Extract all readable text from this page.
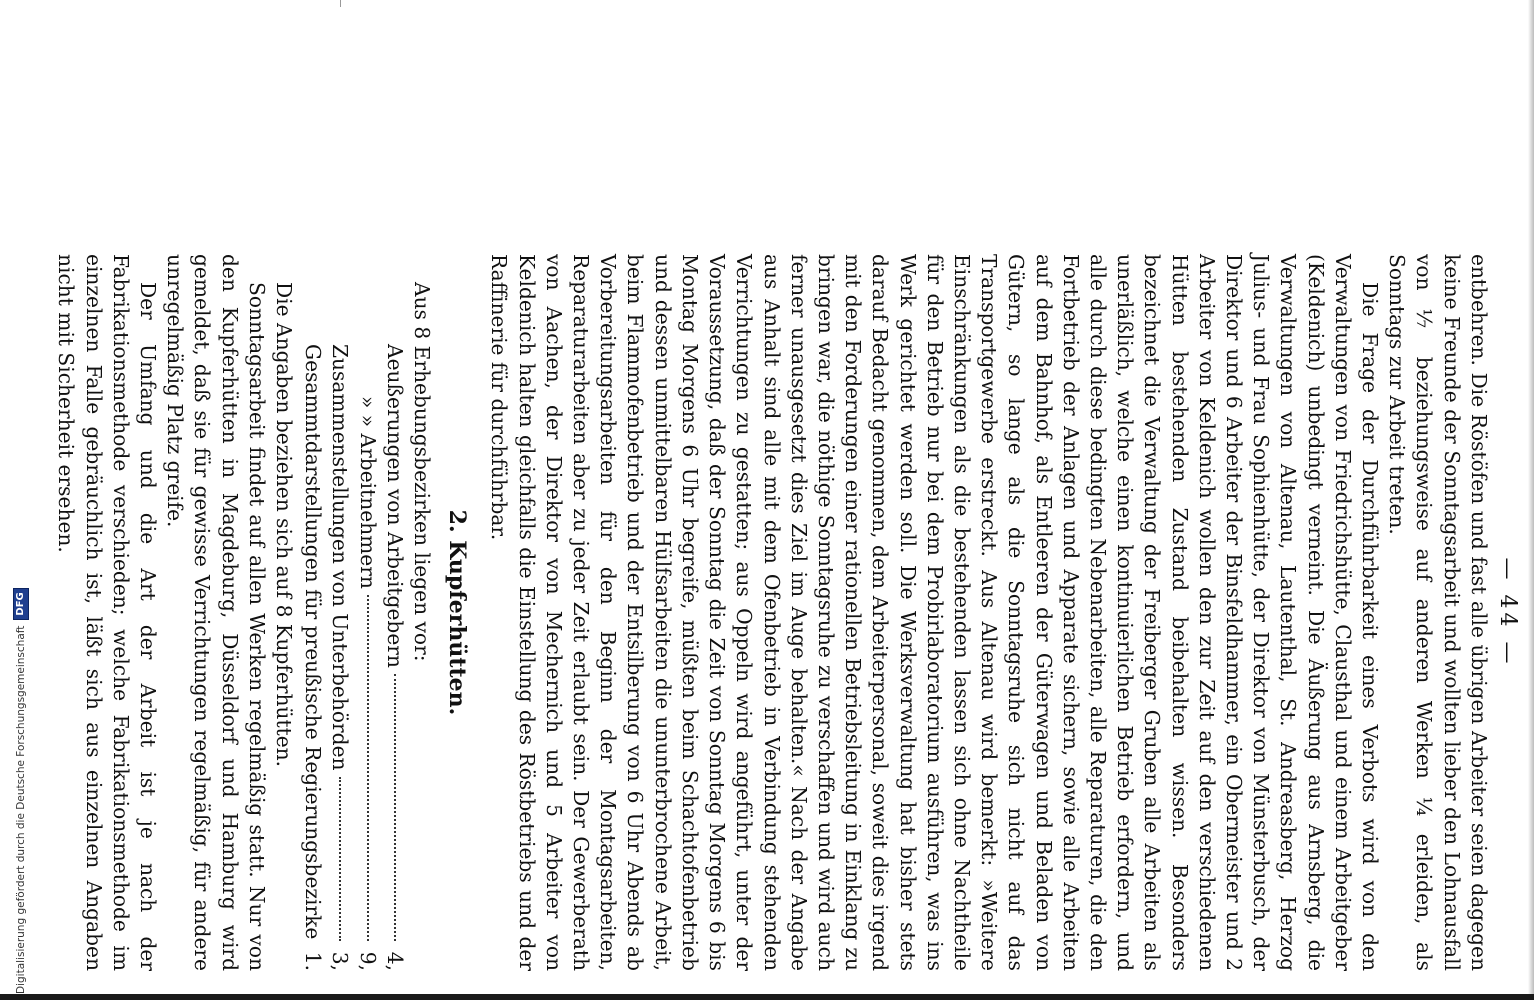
Digitalisierung gefördert durch die Deutsche Forschungsgemeinschaft
DFG	— 44 —

entbehren. Die Röstöfen und fast alle übrigen Arbeiter seien dagegen keine Freunde der Sonntagsarbeit und wollten lieber den Lohnausfall von ⅐ beziehungsweise auf anderen Werken ¼ erleiden, als Sonntags zur Arbeit treten.

Die Frage der Durchführbarkeit eines Verbots wird von den Verwaltungen von Friedrichshütte, Clausthal und einem Arbeitgeber (Keldenich) unbedingt verneint. Die Äußerung aus Arnsberg, die Verwaltungen von Altenau, Lautenthal, St. Andreasberg, Herzog Julius- und Frau Sophienhütte, der Direktor von Münsterbusch, der Direktor und 6 Arbeiter der Binsfeldhammer, ein Obermeister und 2 Arbeiter von Keldenich wollen den zur Zeit auf den verschiedenen Hütten bestehenden Zustand beibehalten wissen. Besonders bezeichnet die Verwaltung der Freiberger Gruben alle Arbeiten als unerläßlich, welche einen kontinuierlichen Betrieb erfordern, und alle durch diese bedingten Nebenarbeiten, alle Reparaturen, die den Fortbetrieb der Anlagen und Apparate sichern, sowie alle Arbeiten auf dem Bahnhof, als Entleeren der Güterwagen und Beladen von Gütern, so lange als die Sonntagsruhe sich nicht auf das Transportgewerbe erstreckt. Aus Altenau wird bemerkt: »Weitere Einschränkungen als die bestehenden lassen sich ohne Nachtheile für den Betrieb nur bei dem Probirlaboratorium ausführen, was ins Werk gerichtet werden soll. Die Werksverwaltung hat bisher stets darauf Bedacht genommen, dem Arbeiterpersonal, soweit dies irgend mit den Forderungen einer rationellen Betriebsleitung in Einklang zu bringen war, die nöthige Sonntagsruhe zu verschaffen und wird auch ferner unausgesetzt dies Ziel im Auge behalten.« Nach der Angabe aus Anhalt sind alle mit dem Ofenbetrieb in Verbindung stehenden Verrichtungen zu gestatten; aus Oppeln wird angeführt, unter der Voraussetzung, daß der Sonntag die Zeit von Sonntag Morgens 6 bis Montag Morgens 6 Uhr begreife, müßten beim Schachtofenbetrieb und dessen unmittelbaren Hülfsarbeiten die ununterbrochene Arbeit, beim Flammofenbetrieb und der Entsilberung von 6 Uhr Abends ab Vorbereitungsarbeiten für den Beginn der Montagsarbeiten, Reparaturarbeiten aber zu jeder Zeit erlaubt sein. Der Gewerberath von Aachen, der Direktor von Mechernich und 5 Arbeiter von Keldenich halten gleichfalls die Einstellung des Röstbetriebs und der Raffinerie für durchführbar.

2. Kupferhütten.

Aus 8 Erhebungsbezirken liegen vor:

Aeußerungen von Arbeitgebern
4,
» » Arbeitnehmern
9,
Zusammenstellungen von Unterbehörden
3,
Gesammtdarstellungen für preußische Regierungsbezirke
1.

Die Angaben beziehen sich auf 8 Kupferhütten.

Sonntagsarbeit findet auf allen Werken regelmäßig statt. Nur von den Kupferhütten in Magdeburg, Düsseldorf und Hamburg wird gemeldet, daß sie für gewisse Verrichtungen regelmäßig, für andere unregelmäßig Platz greife.

Der Umfang und die Art der Arbeit ist je nach der Fabrikationsmethode verschieden; welche Fabrikationsmethode im einzelnen Falle gebräuchlich ist, läßt sich aus einzelnen Angaben nicht mit Sicherheit ersehen.
